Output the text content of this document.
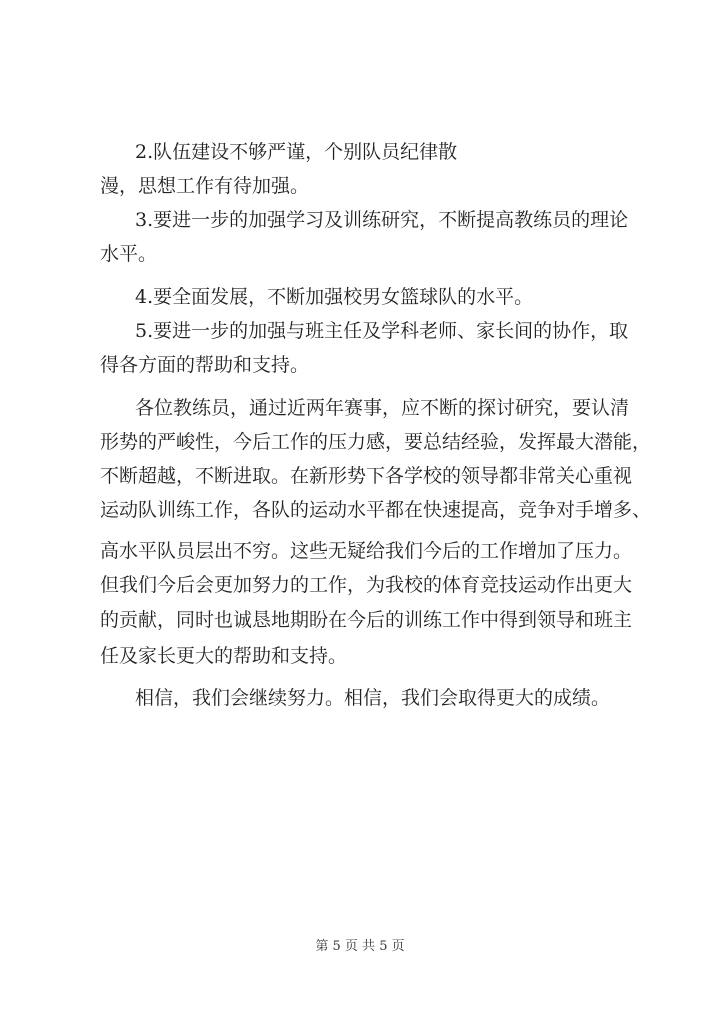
2.队伍建设不够严谨，个别队员纪律散
漫，思想工作有待加强。
3.要进一步的加强学习及训练研究，不断提高教练员的理论
水平。
4.要全面发展，不断加强校男女篮球队的水平。
5.要进一步的加强与班主任及学科老师、家长间的协作，取
得各方面的帮助和支持。
各位教练员，通过近两年赛事，应不断的探讨研究，要认清
形势的严峻性，今后工作的压力感，要总结经验，发挥最大潜能，
不断超越，不断进取。在新形势下各学校的领导都非常关心重视
运动队训练工作，各队的运动水平都在快速提高，竞争对手增多、
高水平队员层出不穷。这些无疑给我们今后的工作增加了压力。
但我们今后会更加努力的工作，为我校的体育竞技运动作出更大
的贡献，同时也诚恳地期盼在今后的训练工作中得到领导和班主
任及家长更大的帮助和支持。
相信，我们会继续努力。相信，我们会取得更大的成绩。
第 5 页 共 5 页
